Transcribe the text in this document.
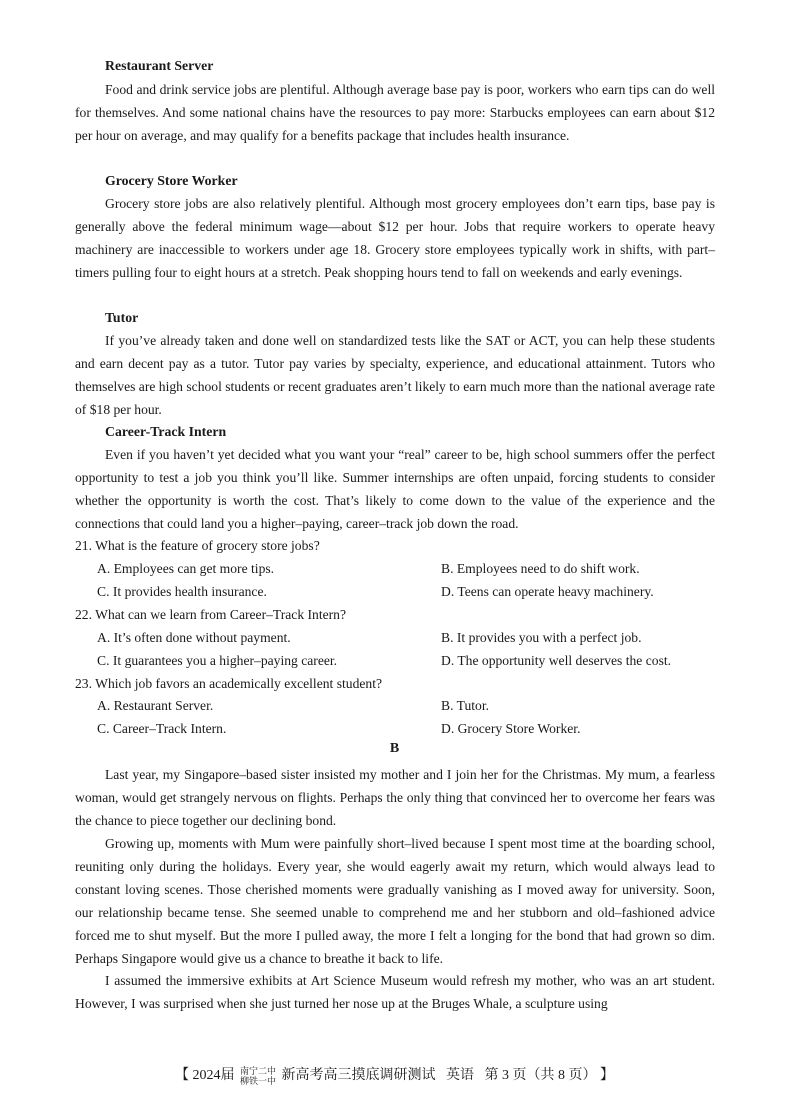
Restaurant Server

Food and drink service jobs are plentiful. Although average base pay is poor, workers who earn tips can do well for themselves. And some national chains have the resources to pay more: Starbucks employees can earn about $12 per hour on average, and may qualify for a benefits package that includes health insurance.

Grocery Store Worker

Grocery store jobs are also relatively plentiful. Although most grocery employees don’t earn tips, base pay is generally above the federal minimum wage—about $12 per hour. Jobs that require workers to operate heavy machinery are inaccessible to workers under age 18. Grocery store employees typically work in shifts, with part–timers pulling four to eight hours at a stretch. Peak shopping hours tend to fall on weekends and early evenings.

Tutor

If you’ve already taken and done well on standardized tests like the SAT or ACT, you can help these students and earn decent pay as a tutor. Tutor pay varies by specialty, experience, and educational attainment. Tutors who themselves are high school students or recent graduates aren’t likely to earn much more than the national average rate of $18 per hour.

Career-Track Intern

Even if you haven’t yet decided what you want your “real” career to be, high school summers offer the perfect opportunity to test a job you think you’ll like. Summer internships are often unpaid, forcing students to consider whether the opportunity is worth the cost. That’s likely to come down to the value of the experience and the connections that could land you a higher–paying, career–track job down the road.

21. What is the feature of grocery store jobs?
A. Employees can get more tips.	B. Employees need to do shift work.
C. It provides health insurance.	D. Teens can operate heavy machinery.
22. What can we learn from Career–Track Intern?
A. It’s often done without payment.	B. It provides you with a perfect job.
C. It guarantees you a higher–paying career.	D. The opportunity well deserves the cost.
23. Which job favors an academically excellent student?
A. Restaurant Server.	B. Tutor.
C. Career–Track Intern.	D. Grocery Store Worker.
B

Last year, my Singapore–based sister insisted my mother and I join her for the Christmas. My mum, a fearless woman, would get strangely nervous on flights. Perhaps the only thing that convinced her to overcome her fears was the chance to piece together our declining bond.

Growing up, moments with Mum were painfully short–lived because I spent most time at the boarding school, reuniting only during the holidays. Every year, she would eagerly await my return, which would always lead to constant loving scenes. Those cherished moments were gradually vanishing as I moved away for university. Soon, our relationship became tense. She seemed unable to comprehend me and her stubborn and old–fashioned advice forced me to shut myself. But the more I pulled away, the more I felt a longing for the bond that had grown so dim. Perhaps Singapore would give us a chance to breathe it back to life.

I assumed the immersive exhibits at Art Science Museum would refresh my mother, who was an art student. However, I was surprised when she just turned her nose up at the Bruges Whale, a sculpture using

【 2024届 南宁二中
柳铁一中 新高考高三摸底调研测试 英语 第 3 页（共 8 页） 】
